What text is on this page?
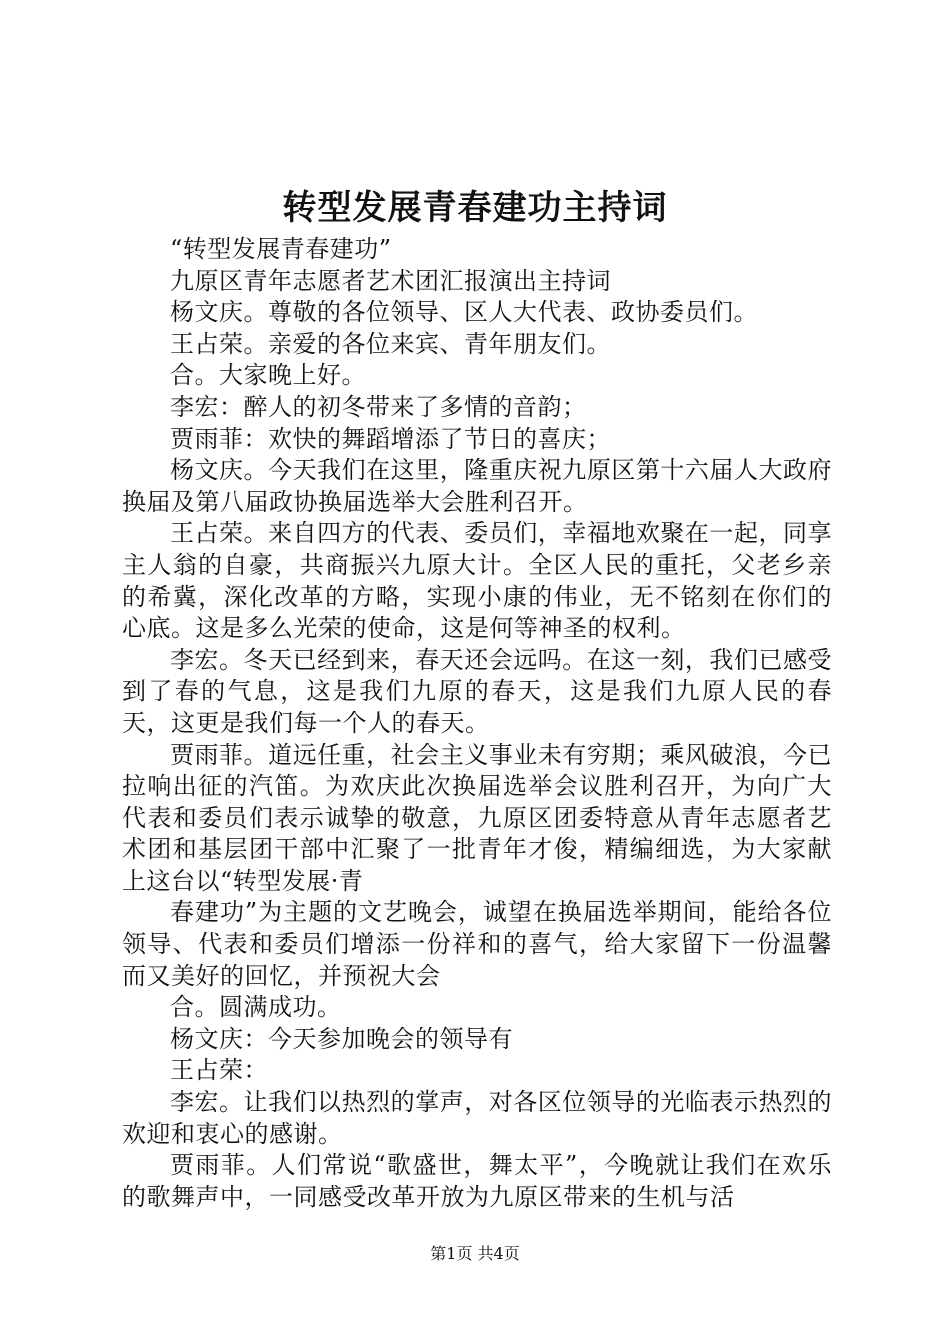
转型发展青春建功主持词

“转型发展青春建功”

九原区青年志愿者艺术团汇报演出主持词

杨文庆。尊敬的各位领导、区人大代表、政协委员们。

王占荣。亲爱的各位来宾、青年朋友们。

合。大家晚上好。

李宏：醉人的初冬带来了多情的音韵；

贾雨菲：欢快的舞蹈增添了节日的喜庆；

杨文庆。今天我们在这里，隆重庆祝九原区第十六届人大政府换届及第八届政协换届选举大会胜利召开。

王占荣。来自四方的代表、委员们，幸福地欢聚在一起，同享主人翁的自豪，共商振兴九原大计。全区人民的重托，父老乡亲的希冀，深化改革的方略，实现小康的伟业，无不铭刻在你们的心底。这是多么光荣的使命，这是何等神圣的权利。

李宏。冬天已经到来，春天还会远吗。在这一刻，我们已感受到了春的气息，这是我们九原的春天，这是我们九原人民的春天，这更是我们每一个人的春天。

贾雨菲。道远任重，社会主义事业未有穷期；乘风破浪，今已拉响出征的汽笛。为欢庆此次换届选举会议胜利召开，为向广大代表和委员们表示诚挚的敬意，九原区团委特意从青年志愿者艺术团和基层团干部中汇聚了一批青年才俊，精编细选，为大家献上这台以“转型发展·青

春建功”为主题的文艺晚会，诚望在换届选举期间，能给各位领导、代表和委员们增添一份祥和的喜气，给大家留下一份温馨而又美好的回忆，并预祝大会

合。圆满成功。

杨文庆：今天参加晚会的领导有

王占荣：

李宏。让我们以热烈的掌声，对各区位领导的光临表示热烈的欢迎和衷心的感谢。

贾雨菲。人们常说“歌盛世，舞太平”，今晚就让我们在欢乐的歌舞声中，一同感受改革开放为九原区带来的生机与活

第1页 共4页
